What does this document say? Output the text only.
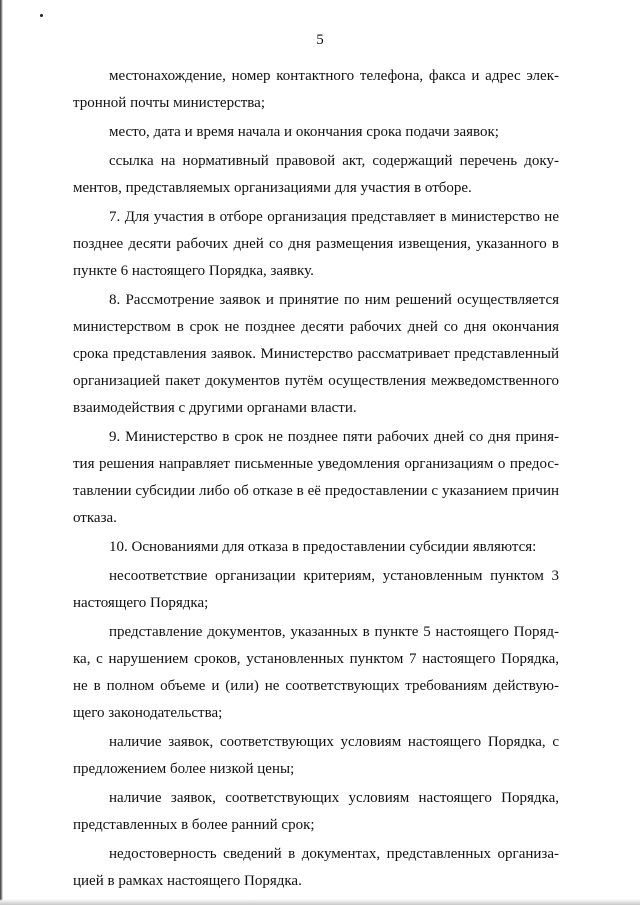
5

местонахождение, номер контактного телефона, факса и адрес электронной почты министерства;

место, дата и время начала и окончания срока подачи заявок;

ссылка на нормативный правовой акт, содержащий перечень документов, представляемых организациями для участия в отборе.

7. Для участия в отборе организация представляет в министерство не позднее десяти рабочих дней со дня размещения извещения, указанного в пункте 6 настоящего Порядка, заявку.

8. Рассмотрение заявок и принятие по ним решений осуществляется министерством в срок не позднее десяти рабочих дней со дня окончания срока представления заявок. Министерство рассматривает представленный организацией пакет документов путём осуществления межведомственного взаимодействия с другими органами власти.

9. Министерство в срок не позднее пяти рабочих дней со дня принятия решения направляет письменные уведомления организациям о предоставлении субсидии либо об отказе в её предоставлении с указанием причин отказа.

10. Основаниями для отказа в предоставлении субсидии являются:

несоответствие организации критериям, установленным пунктом 3 настоящего Порядка;

представление документов, указанных в пункте 5 настоящего Порядка, с нарушением сроков, установленных пунктом 7 настоящего Порядка, не в полном объеме и (или) не соответствующих требованиям действующего законодательства;

наличие заявок, соответствующих условиям настоящего Порядка, с предложением более низкой цены;

наличие заявок, соответствующих условиям настоящего Порядка, представленных в более ранний срок;

недостоверность сведений в документах, представленных организацией в рамках настоящего Порядка.
